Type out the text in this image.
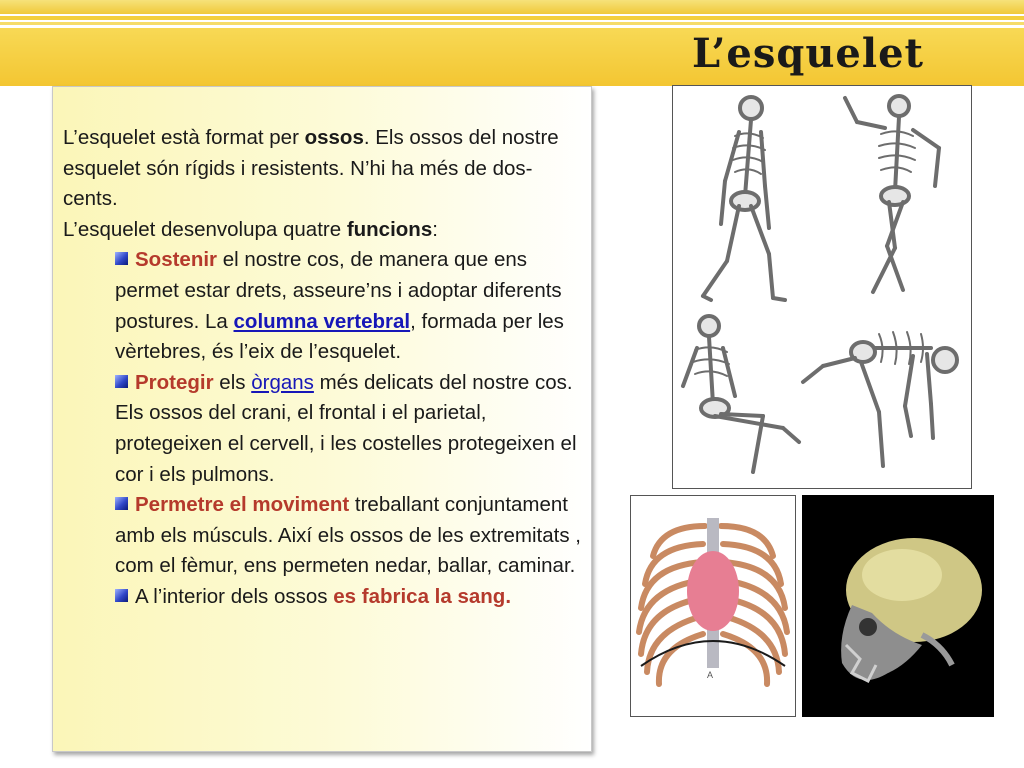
L’esquelet

L’esquelet està format per ossos. Els ossos del nostre esquelet són rígids i resistents. N’hi ha més de dos-cents.

L’esquelet desenvolupa quatre funcions:

Sostenir el nostre cos, de manera que ens permet estar drets, asseure’ns i adoptar diferents postures. La columna vertebral, formada per les vèrtebres, és l’eix de l’esquelet.

Protegir els òrgans més delicats del nostre cos. Els ossos del crani, el frontal i el parietal, protegeixen el cervell, i les costelles protegeixen el cor i els pulmons.

Permetre el moviment treballant conjuntament amb els músculs. Així els ossos de les extremitats , com el fèmur, ens permeten nedar, ballar, caminar.

A l’interior dels ossos es fabrica la sang.

A
